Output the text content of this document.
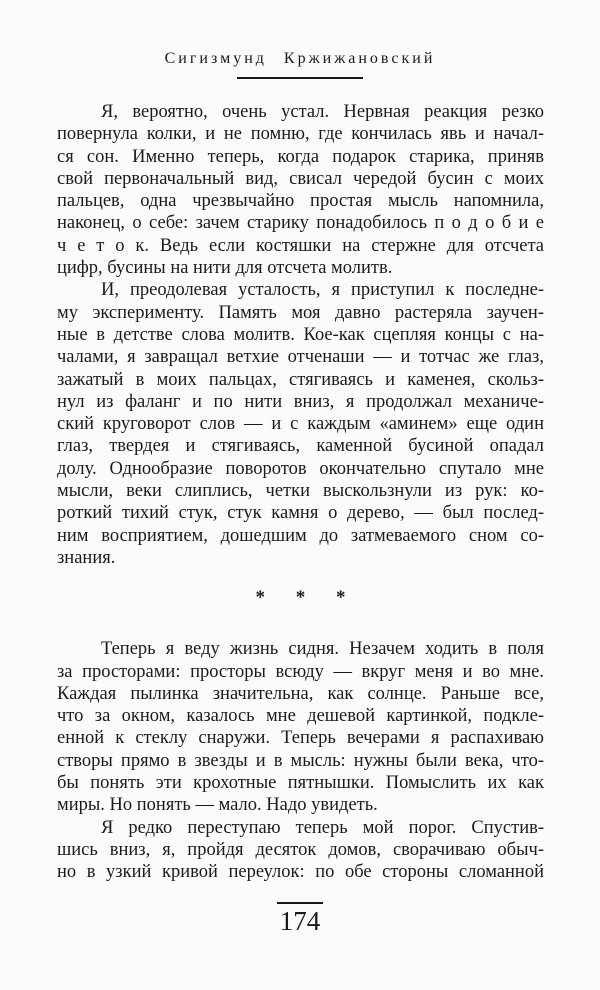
Сигизмунд Кржижановский

Я, вероятно, очень устал. Нервная реакция резко
повернула колки, и не помню, где кончилась явь и начал-
ся сон. Именно теперь, когда подарок старика, приняв
свой первоначальный вид, свисал чередой бусин с моих
пальцев, одна чрезвычайно простая мысль напомнила,
наконец, о себе: зачем старику понадобилось п о д о б и е
ч е т о к. Ведь если костяшки на стержне для отсчета
цифр, бусины на нити для отсчета молитв.

И, преодолевая усталость, я приступил к последне-
му эксперименту. Память моя давно растеряла заучен-
ные в детстве слова молитв. Кое-как сцепляя концы с на-
чалами, я завращал ветхие отченаши — и тотчас же глаз,
зажатый в моих пальцах, стягиваясь и каменея, скольз-
нул из фаланг и по нити вниз, я продолжал механиче-
ский круговорот слов — и с каждым «аминем» еще один
глаз, твердея и стягиваясь, каменной бусиной опадал
долу. Однообразие поворотов окончательно спутало мне
мысли, веки слиплись, четки выскользнули из рук: ко-
роткий тихий стук, стук камня о дерево, — был послед-
ним восприятием, дошедшим до затмеваемого сном со-
знания.

* * *

Теперь я веду жизнь сидня. Незачем ходить в поля
за просторами: просторы всюду — вкруг меня и во мне.
Каждая пылинка значительна, как солнце. Раньше все,
что за окном, казалось мне дешевой картинкой, подкле-
енной к стеклу снаружи. Теперь вечерами я распахиваю
створы прямо в звезды и в мысль: нужны были века, что-
бы понять эти крохотные пятнышки. Помыслить их как
миры. Но понять — мало. Надо увидеть.

Я редко переступаю теперь мой порог. Спустив-
шись вниз, я, пройдя десяток домов, сворачиваю обыч-
но в узкий кривой переулок: по обе стороны сломанной

174
